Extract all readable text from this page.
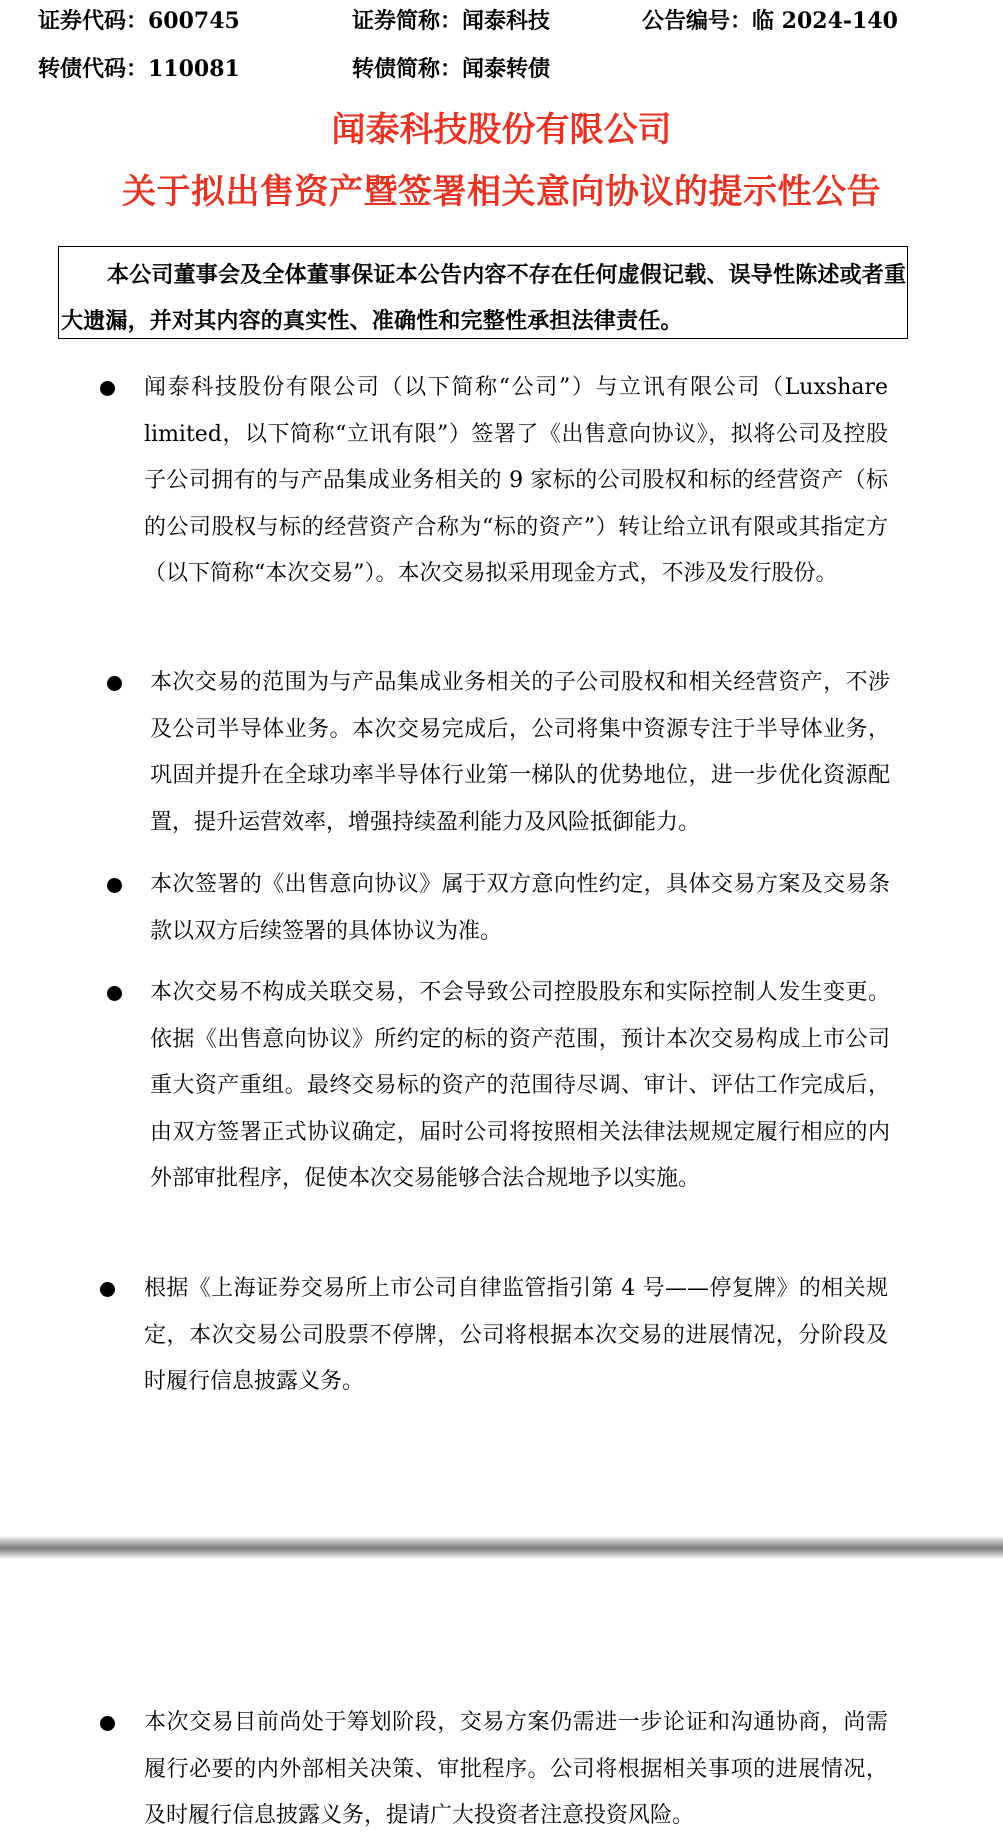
证券代码：600745	证券简称：闻泰科技	公告编号：临 2024-140
转债代码：110081	转债简称：闻泰转债
闻泰科技股份有限公司
关于拟出售资产暨签署相关意向协议的提示性公告
本公司董事会及全体董事保证本公告内容不存在任何虚假记载、误导性陈述或者重大遗漏，并对其内容的真实性、准确性和完整性承担法律责任。
闻泰科技股份有限公司（以下简称“公司”）与立讯有限公司（Luxshare limited，以下简称“立讯有限”）签署了《出售意向协议》，拟将公司及控股子公司拥有的与产品集成业务相关的 9 家标的公司股权和标的经营资产（标的公司股权与标的经营资产合称为“标的资产”）转让给立讯有限或其指定方（以下简称“本次交易”）。本次交易拟采用现金方式，不涉及发行股份。
本次交易的范围为与产品集成业务相关的子公司股权和相关经营资产，不涉及公司半导体业务。本次交易完成后，公司将集中资源专注于半导体业务，巩固并提升在全球功率半导体行业第一梯队的优势地位，进一步优化资源配置，提升运营效率，增强持续盈利能力及风险抵御能力。
本次签署的《出售意向协议》属于双方意向性约定，具体交易方案及交易条款以双方后续签署的具体协议为准。
本次交易不构成关联交易，不会导致公司控股股东和实际控制人发生变更。依据《出售意向协议》所约定的标的资产范围，预计本次交易构成上市公司重大资产重组。最终交易标的资产的范围待尽调、审计、评估工作完成后，由双方签署正式协议确定，届时公司将按照相关法律法规规定履行相应的内外部审批程序，促使本次交易能够合法合规地予以实施。
根据《上海证券交易所上市公司自律监管指引第 4 号——停复牌》的相关规定，本次交易公司股票不停牌，公司将根据本次交易的进展情况，分阶段及时履行信息披露义务。
本次交易目前尚处于筹划阶段，交易方案仍需进一步论证和沟通协商，尚需履行必要的内外部相关决策、审批程序。公司将根据相关事项的进展情况，及时履行信息披露义务，提请广大投资者注意投资风险。
